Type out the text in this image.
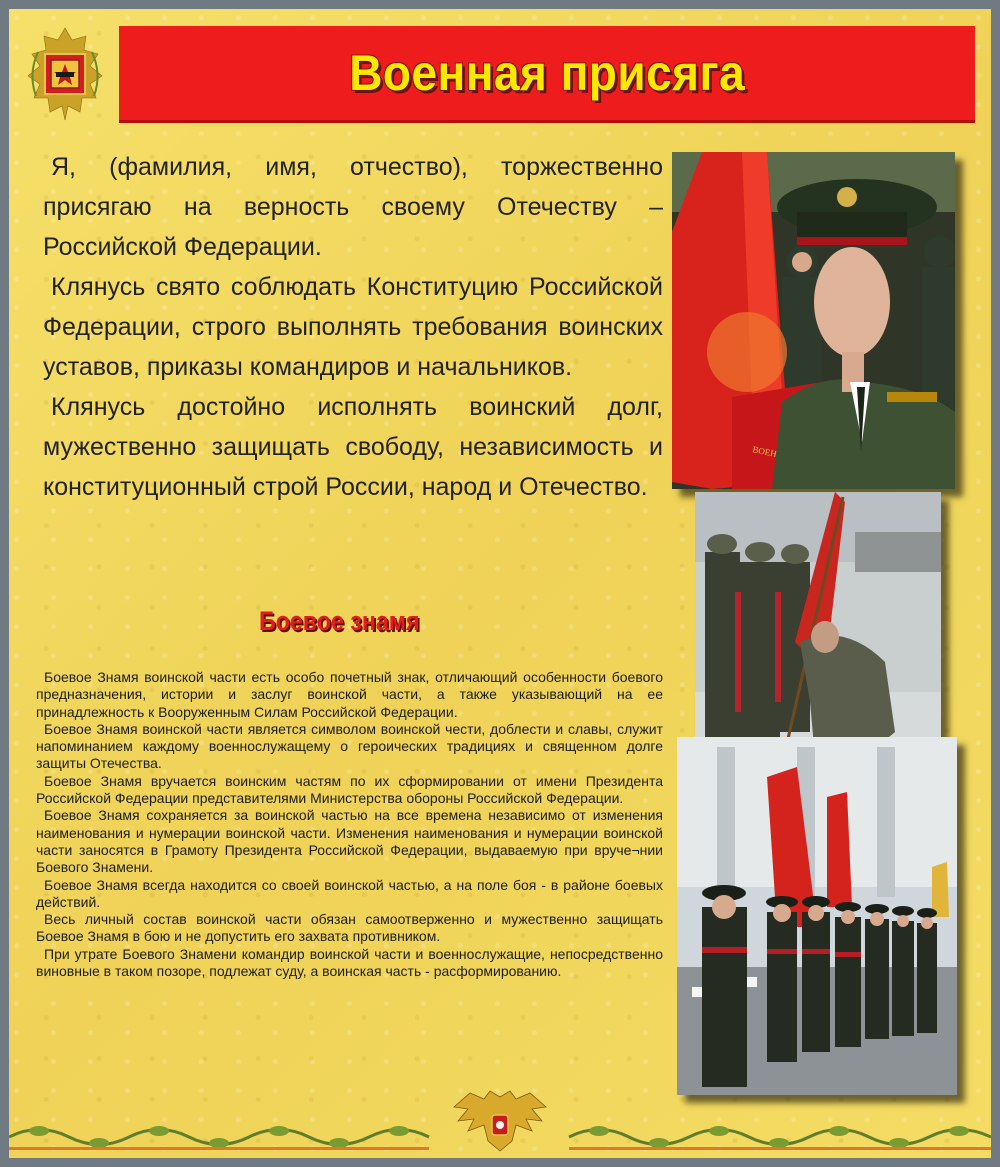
Военная присяга

Я, (фамилия, имя, отчество), торжественно присягаю на верность своему Отечеству – Российской Федерации.

Клянусь свято соблюдать Конституцию Российской Федерации, строго выполнять требования воинских уставов, приказы командиров и начальников.

Клянусь достойно исполнять воинский долг, мужественно защищать свободу, независимость и конституционный строй России, народ и Отечество.

Боевое знамя

Боевое Знамя воинской части есть особо почетный знак, отличающий особенности боевого предназначения, истории и заслуг воинской части, а также указывающий на ее принадлежность к Вооруженным Силам Российской Федерации.

Боевое Знамя воинской части является символом воинской чести, доблести и славы, служит напоминанием каждому военнослужащему о героических традициях и священном долге защиты Отечества.

Боевое Знамя вручается воинским частям по их сформировании от имени Президента Российской Федерации представителями Министерства обороны Российской Федерации.

Боевое Знамя сохраняется за воинской частью на все времена независимо от изменения наименования и нумерации воинской части. Изменения наименования и нумерации воинской части заносятся в Грамоту Президента Российской Федерации, выдаваемую при вруче¬нии Боевого Знамени.

Боевое Знамя всегда находится со своей воинской частью, а на поле боя - в районе боевых действий.

Весь личный состав воинской части обязан самоотверженно и мужественно защищать Боевое Знамя в бою и не допустить его захвата противником.

При утрате Боевого Знамени командир воинской части и военнослужащие, непосредственно виновные в таком позоре, подлежат суду, а воинская часть - расформированию.

ВОЕННАЯ
